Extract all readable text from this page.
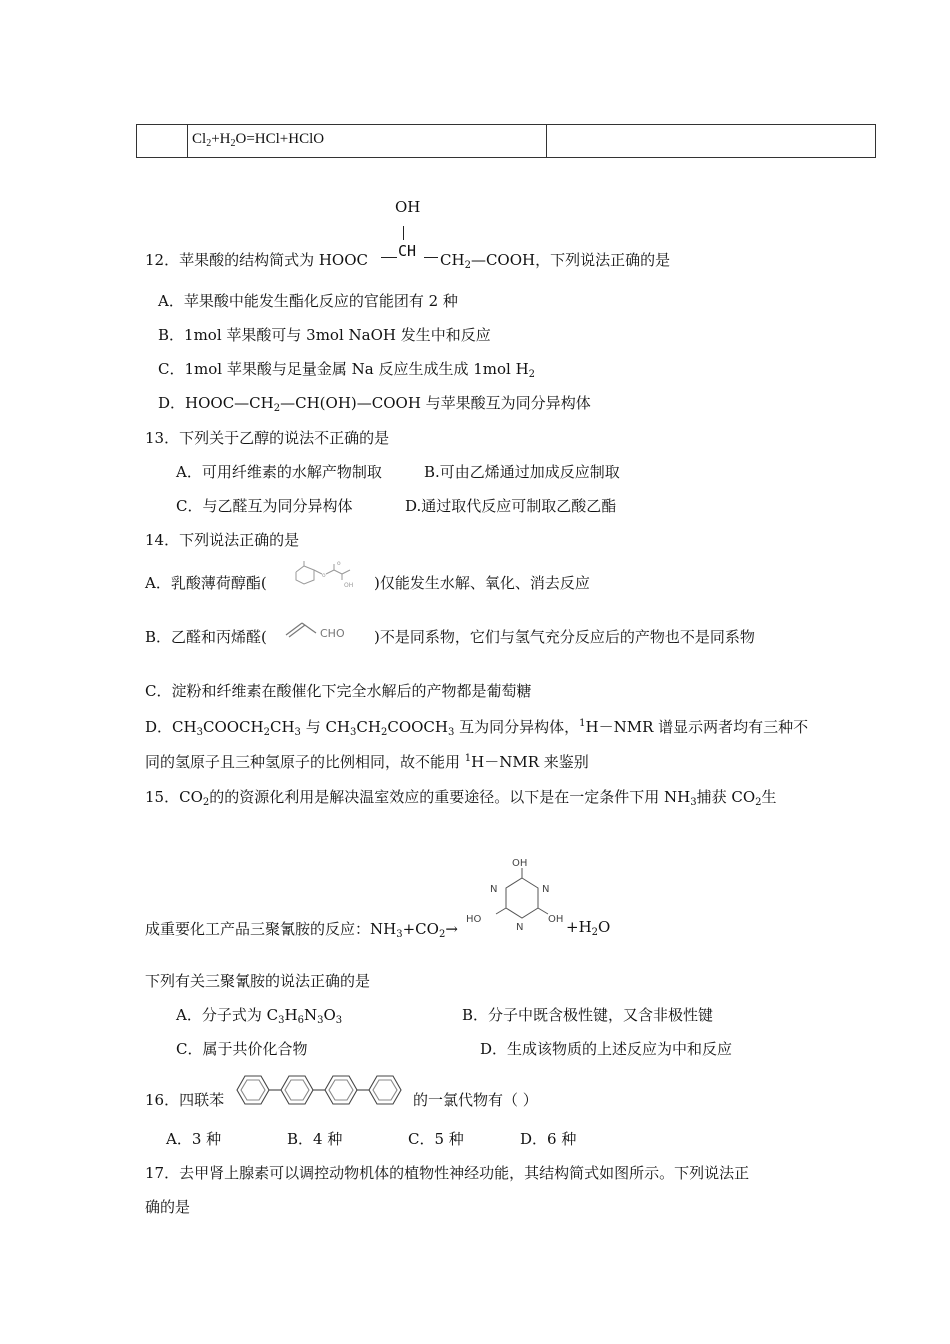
$Cl_2+H_2O=HCl+HClO$
OH
12．苹果酸的结构简式为 HOOC CH $CH_2—COOH$，下列说法正确的是
A．苹果酸中能发生酯化反应的官能团有 2 种
B．1mol 苹果酸可与 3mol NaOH 发生中和反应
C．1mol 苹果酸与足量金属 Na 反应生成生成 1mol $H_2$
D．$HOOC—CH_2—CH(OH)—COOH$ 与苹果酸互为同分异构体
13．下列关于乙醇的说法不正确的是
A．可用纤维素的水解产物制取	B.可由乙烯通过加成反应制取
C．与乙醛互为同分异构体	D.通过取代反应可制取乙酸乙酯
14．下列说法正确的是
A．乳酸薄荷醇酯(	o
o
OH )仅能发生水解、氧化、消去反应
B．乙醛和丙烯醛(	CHO )不是同系物，它们与氢气充分反应后的产物也不是同系物
C．淀粉和纤维素在酸催化下完全水解后的产物都是葡萄糖
D．$CH_3COOCH_2CH_3$ 与 $CH_3CH_2COOCH_3$ 互为同分异构体，$^1$H－NMR 谱显示两者均有三种不
同的氢原子且三种氢原子的比例相同，故不能用 $^1$H－NMR 来鉴别
15．$CO_2$的的资源化利用是解决温室效应的重要途径。以下是在一定条件下用 $NH_3$捕获 $CO_2$生
OH
N	N
N
HO	OH
成重要化工产品三聚氰胺的反应：$NH_3+CO_2\to$	$+H_2O$
下列有关三聚氰胺的说法正确的是
A．分子式为 $C_3H_6N_3O_3$	B．分子中既含极性键，又含非极性键
C．属于共价化合物	D．生成该物质的上述反应为中和反应
16．四联苯	的一氯代物有（ ）
A．3 种	B．4 种	C．5 种	D．6 种
17．去甲肾上腺素可以调控动物机体的植物性神经功能，其结构简式如图所示。下列说法正
确的是
